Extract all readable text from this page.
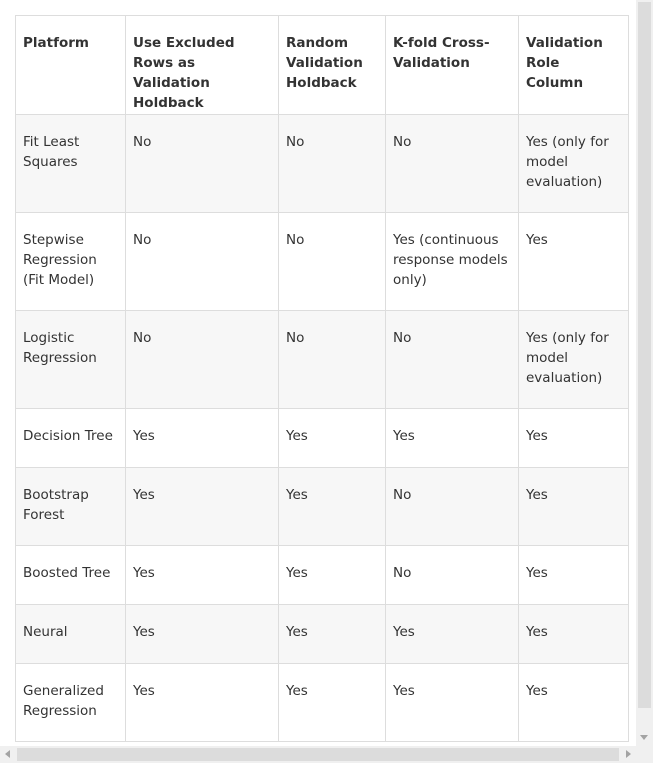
Platform	Use Excluded Rows as Validation Holdback	Random Validation Holdback	K-fold Cross-Validation	Validation Role Column
Fit Least Squares	No	No	No	Yes (only for model evaluation)
Stepwise Regression (Fit Model)	No	No	Yes (continuous response models only)	Yes
Logistic Regression	No	No	No	Yes (only for model evaluation)
Decision Tree	Yes	Yes	Yes	Yes
Bootstrap Forest	Yes	Yes	No	Yes
Boosted Tree	Yes	Yes	No	Yes
Neural	Yes	Yes	Yes	Yes
Generalized Regression	Yes	Yes	Yes	Yes
